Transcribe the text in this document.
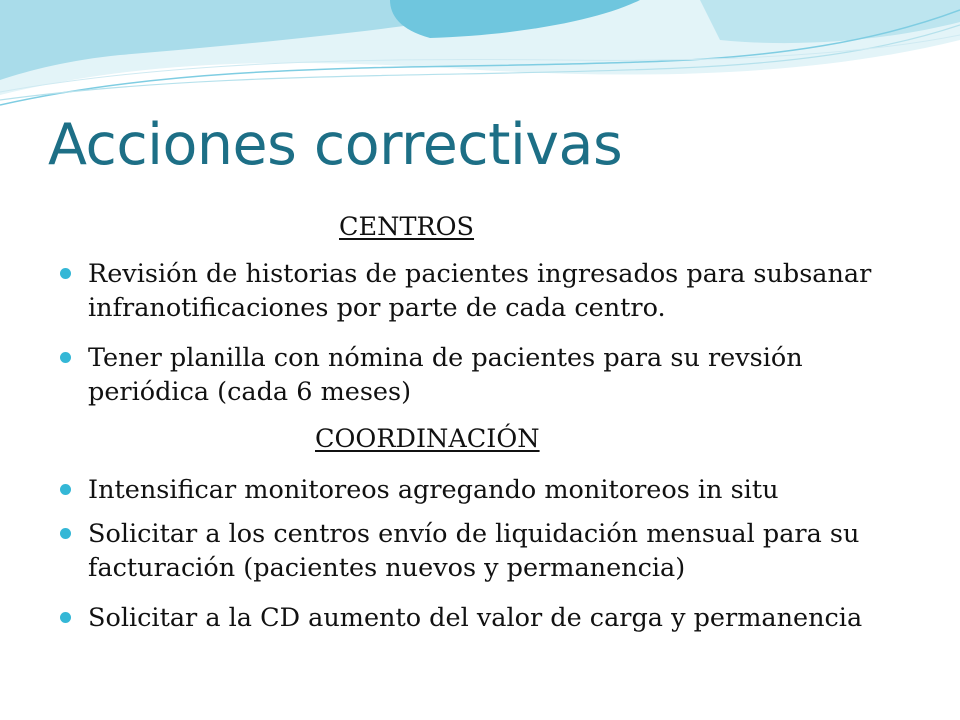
Acciones correctivas
CENTROS
Revisión de historias de pacientes ingresados para subsanar
infranotificaciones por parte de cada centro.
Tener planilla con nómina de pacientes para su revsión
periódica (cada 6 meses)
COORDINACIÓN
Intensificar monitoreos agregando monitoreos in situ
Solicitar a los centros envío de liquidación mensual para su
facturación (pacientes nuevos y permanencia)
Solicitar a la CD aumento del valor de carga y permanencia
